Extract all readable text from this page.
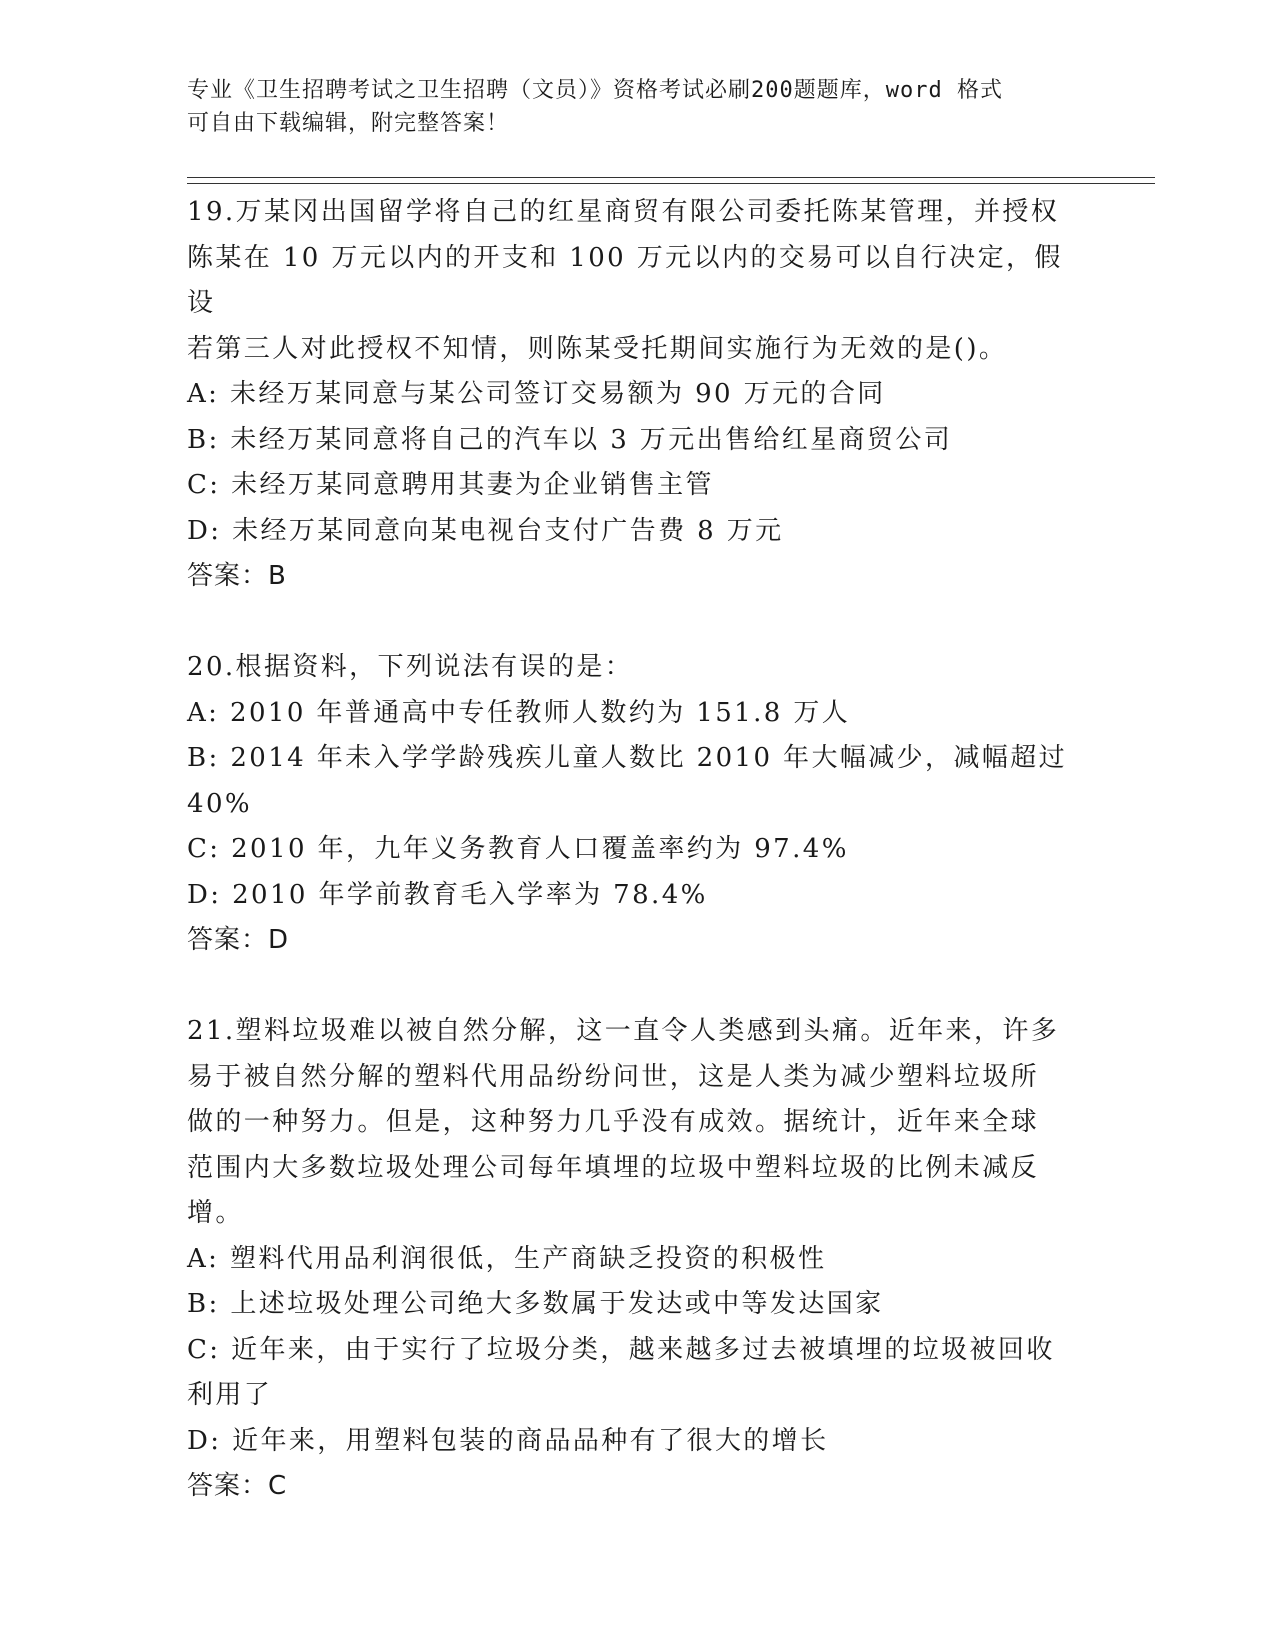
专业《卫生招聘考试之卫生招聘（文员）》资格考试必刷200题题库，word 格式
可自由下载编辑，附完整答案！

19.万某冈出国留学将自己的红星商贸有限公司委托陈某管理，并授权

陈某在 10 万元以内的开支和 100 万元以内的交易可以自行决定，假设

若第三人对此授权不知情，则陈某受托期间实施行为无效的是()。

A: 未经万某同意与某公司签订交易额为 90 万元的合同

B: 未经万某同意将自己的汽车以 3 万元出售给红星商贸公司

C: 未经万某同意聘用其妻为企业销售主管

D: 未经万某同意向某电视台支付广告费 8 万元

答案：B

20.根据资料，下列说法有误的是：

A: 2010 年普通高中专任教师人数约为 151.8 万人

B: 2014 年未入学学龄残疾儿童人数比 2010 年大幅减少，减幅超过

40%

C: 2010 年，九年义务教育人口覆盖率约为 97.4%

D: 2010 年学前教育毛入学率为 78.4%

答案：D

21.塑料垃圾难以被自然分解，这一直令人类感到头痛。近年来，许多

易于被自然分解的塑料代用品纷纷问世，这是人类为减少塑料垃圾所

做的一种努力。但是，这种努力几乎没有成效。据统计，近年来全球

范围内大多数垃圾处理公司每年填埋的垃圾中塑料垃圾的比例未减反

增。

A: 塑料代用品利润很低，生产商缺乏投资的积极性

B: 上述垃圾处理公司绝大多数属于发达或中等发达国家

C: 近年来，由于实行了垃圾分类，越来越多过去被填埋的垃圾被回收

利用了

D: 近年来，用塑料包装的商品品种有了很大的增长

答案：C
